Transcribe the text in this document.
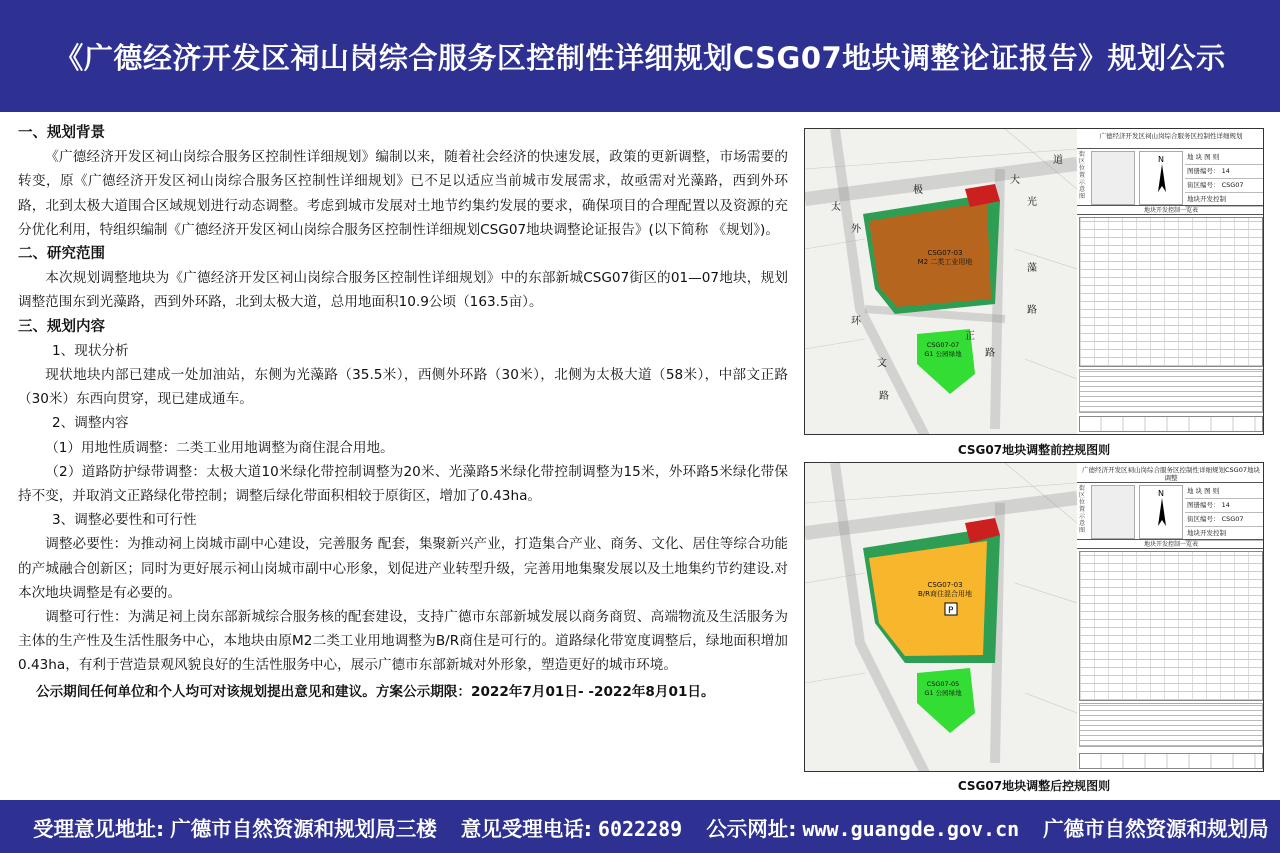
《广德经济开发区祠山岗综合服务区控制性详细规划CSG07地块调整论证报告》规划公示
一、规划背景

《广德经济开发区祠山岗综合服务区控制性详细规划》编制以来，随着社会经济的快速发展，政策的更新调整，市场需要的转变，原《广德经济开发区祠山岗综合服务区控制性详细规划》已不足以适应当前城市发展需求，故亟需对光藻路，西到外环路，北到太极大道围合区域规划进行动态调整。考虑到城市发展对土地节约集约发展的要求，确保项目的合理配置以及资源的充分优化利用，特组织编制《广德经济开发区祠山岗综合服务区控制性详细规划CSG07地块调整论证报告》(以下简称 《规划》)。

二、研究范围

本次规划调整地块为《广德经济开发区祠山岗综合服务区控制性详细规划》中的东部新城CSG07街区的01—07地块，规划调整范围东到光藻路，西到外环路，北到太极大道，总用地面积10.9公顷（163.5亩）。

三、规划内容
1、现状分析

现状地块内部已建成一处加油站，东侧为光藻路（35.5米），西侧外环路（30米），北侧为太极大道（58米），中部文正路（30米）东西向贯穿，现已建成通车。

2、调整内容

（1）用地性质调整：二类工业用地调整为商住混合用地。

（2）道路防护绿带调整：太极大道10米绿化带控制调整为20米、光藻路5米绿化带控制调整为15米，外环路5米绿化带保持不变，并取消文正路绿化带控制；调整后绿化带面积相较于原街区，增加了0.43ha。

3、调整必要性和可行性

调整必要性：为推动祠上岗城市副中心建设，完善服务 配套，集聚新兴产业，打造集合产业、商务、文化、居住等综合功能的产城融合创新区；同时为更好展示祠山岗城市副中心形象，划促进产业转型升级，完善用地集聚发展以及土地集约节约建设.对本次地块调整是有必要的。

调整可行性：为满足祠上岗东部新城综合服务核的配套建设，支持广德市东部新城发展以商务商贸、高端物流及生活服务为主体的生产性及生活性服务中心，本地块由原M2二类工业用地调整为B/R商住是可行的。道路绿化带宽度调整后，绿地面积增加0.43ha，有利于营造景观风貌良好的生活性服务中心，展示广德市东部新城对外形象，塑造更好的城市环境。

公示期间任何单位和个人均可对该规划提出意见和建议。方案公示期限：2022年7月01日- -2022年8月01日。

CSG07-03
M2 二类工业用地
CSG07-07
G1 公园绿地
太
正
路
文
路
极
大
道
光
藻
路
广德经济开发区祠山岗综合服务区控制性详细规划
街区位置示意图
N	地 块 图 则
图册编号： 14
街区编号： CSG07
地块开发控制
地块开发控制一览表
CSG07地块调整前控规图则
P
CSG07-03
B/R商住混合用地
CSG07-05
G1 公园绿地
广德经济开发区祠山岗综合服务区控制性详细规划CSG07地块调整
街区位置示意图
N	地 块 图 则
图册编号： 14
街区编号： CSG07
地块开发控制
地块开发控制一览表
CSG07地块调整后控规图则
受理意见地址: 广德市自然资源和规划局三楼 意见受理电话: 6022289 公示网址: www.guangde.gov.cn 广德市自然资源和规划局
